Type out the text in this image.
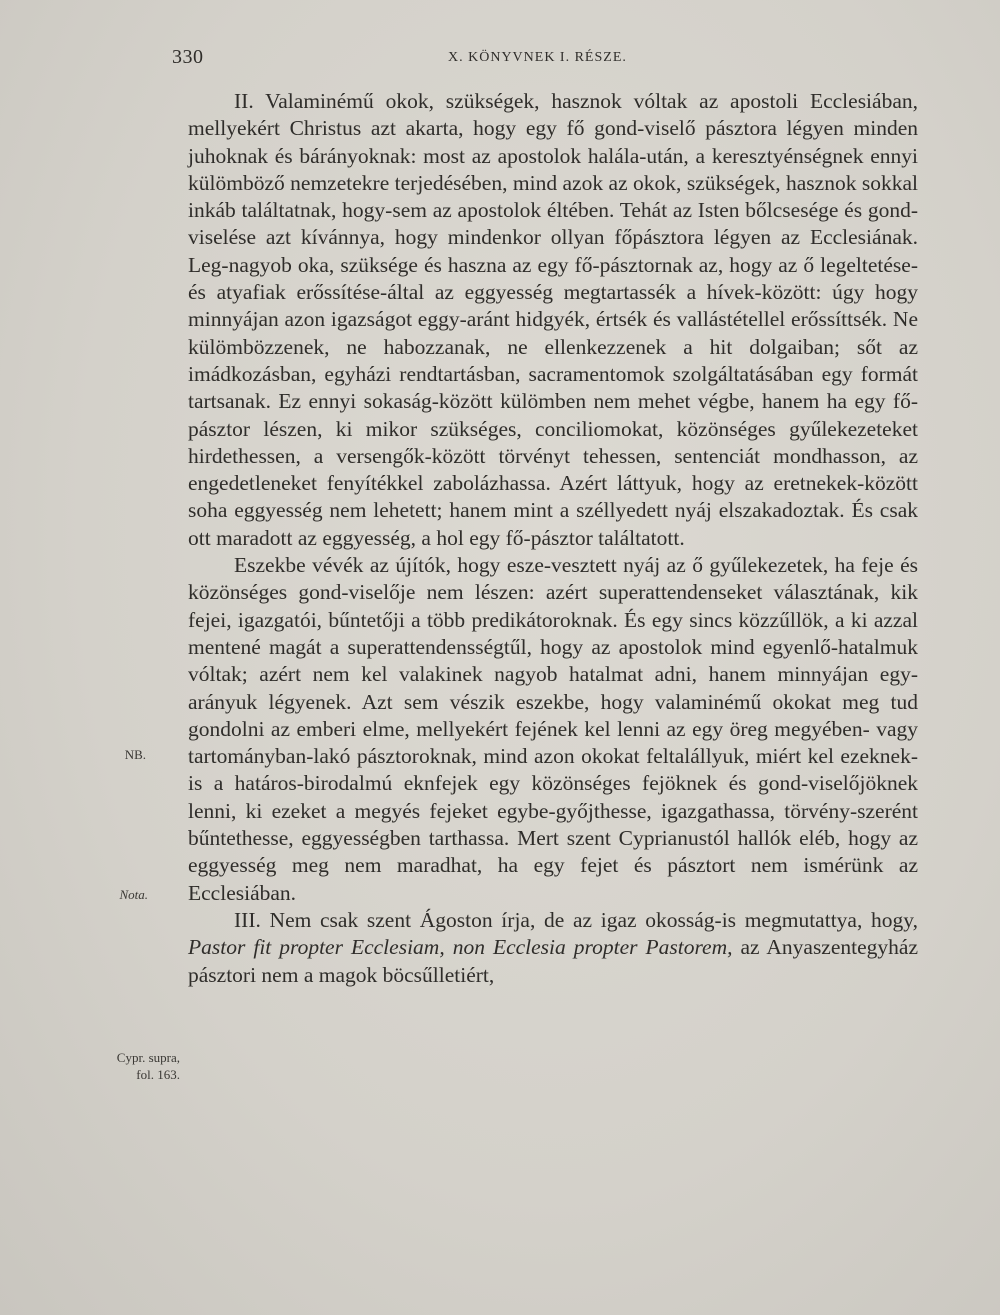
330	X. KÖNYVNEK I. RÉSZE.

II. Valaminémű okok, szükségek, hasznok vóltak az apostoli Ecclesiában, mellyekért Christus azt akarta, hogy egy fő gond-viselő pásztora légyen minden juhoknak és bárányoknak: most az apostolok halála-után, a keresztyénségnek ennyi külömböző nemzetekre terjedésében, mind azok az okok, szükségek, hasznok sokkal inkáb találtatnak, hogy-sem az apostolok éltében. Tehát az Isten bőlcsesége és gond-viselése azt kívánnya, hogy mindenkor ollyan főpásztora légyen az Ecclesiának. Leg-nagyob oka, szüksége és haszna az egy fő-pásztornak az, hogy az ő legeltetése- és atyafiak erőssítése-által az eggyesség megtartassék a hívek-között: úgy hogy minnyájan azon igazságot eggy-aránt hidgyék, értsék és vallástétellel erőssíttsék. Ne külömbözzenek, ne habozzanak, ne ellenkezzenek a hit dolgaiban; sőt az imádkozásban, egyházi rendtartásban, sacramentomok szolgáltatásában egy formát tartsanak. Ez ennyi sokaság-között külömben nem mehet végbe, hanem ha egy fő-pásztor lészen, ki mikor szükséges, conciliomokat, közönséges gyűlekezeteket hirdethessen, a versengők-között törvényt tehessen, sentenciát mondhasson, az engedetleneket fenyítékkel zabolázhassa. Azért láttyuk, hogy az eretnekek-között soha eggyesség nem lehetett; hanem mint a széllyedett nyáj elszakadoztak. És csak ott maradott az eggyesség, a hol egy fő-pásztor találtatott.

Eszekbe vévék az újítók, hogy esze-vesztett nyáj az ő gyűlekezetek, ha feje és közönséges gond-viselője nem lészen: azért superattendenseket választának, kik fejei, igazgatói, bűntetőji a több predikátoroknak. És egy sincs közzűllök, a ki azzal mentené magát a superattendensségtűl, hogy az apostolok mind egyenlő-hatalmuk vóltak; azért nem kel valakinek nagyob hatalmat adni, hanem minnyájan egy-arányuk légyenek. Azt sem vészik eszekbe, hogy valaminémű okokat meg tud gondolni az emberi elme, mellyekért fejének kel lenni az egy öreg megyében- vagy tartományban-lakó pásztoroknak, mind azon okokat feltalállyuk, miért kel ezeknek-is a határos-birodalmú eknfejek egy közönséges fejöknek és gond-viselőjöknek lenni, ki ezeket a megyés fejeket egybe-győjthesse, igazgathassa, törvény-szerént bűntethesse, eggyességben tarthassa. Mert szent Cyprianustól hallók eléb, hogy az eggyesség meg nem maradhat, ha egy fejet és pásztort nem ismérünk az Ecclesiában.

III. Nem csak szent Ágoston írja, de az igaz okosság-is megmutattya, hogy, Pastor fit propter Ecclesiam, non Ecclesia propter Pastorem, az Anyaszentegyház pásztori nem a magok böcsűlletiért,

NB.
Nota.
Cypr. supra,
fol. 163.
